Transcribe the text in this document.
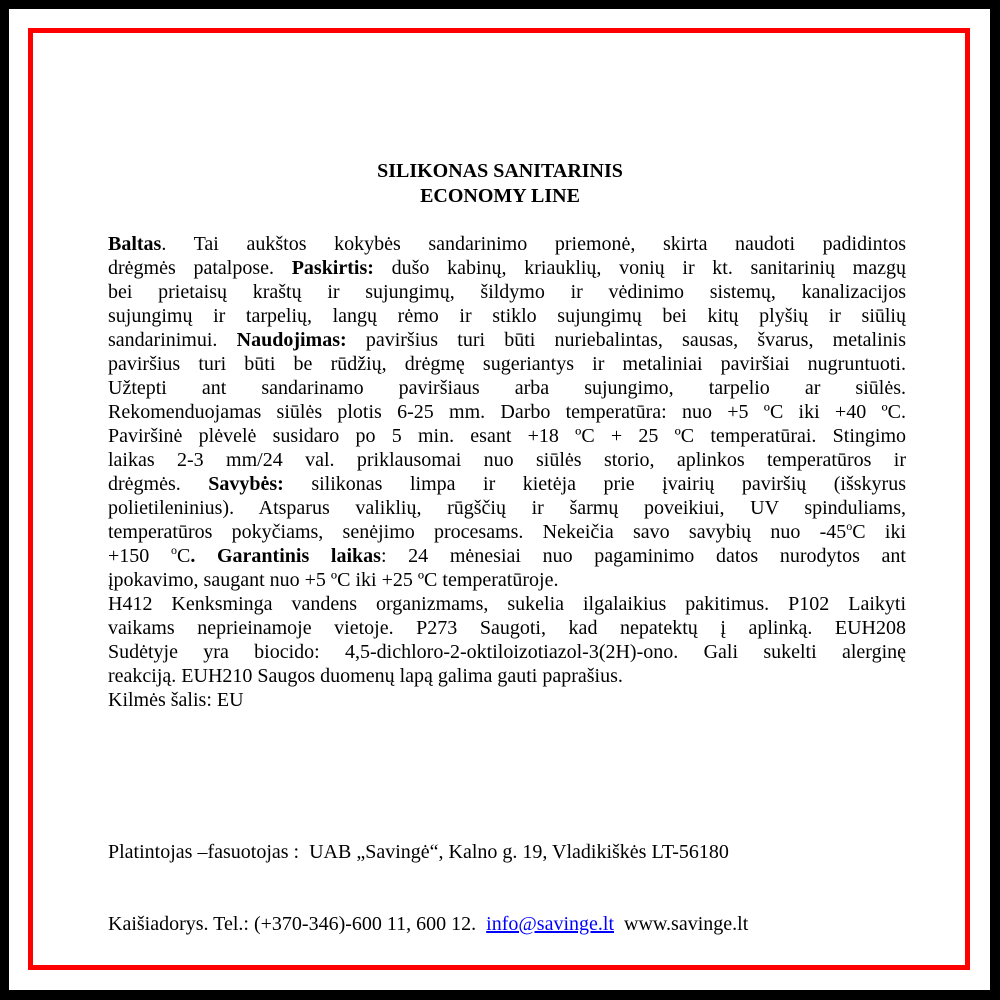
SILIKONAS SANITARINIS
ECONOMY LINE
Baltas. Tai aukštos kokybės sandarinimo priemonė, skirta naudoti padidintos
drėgmės patalpose. Paskirtis: dušo kabinų, kriauklių, vonių ir kt. sanitarinių mazgų
bei prietaisų kraštų ir sujungimų, šildymo ir vėdinimo sistemų, kanalizacijos
sujungimų ir tarpelių, langų rėmo ir stiklo sujungimų bei kitų plyšių ir siūlių
sandarinimui. Naudojimas: paviršius turi būti nuriebalintas, sausas, švarus, metalinis
paviršius turi būti be rūdžių, drėgmę sugeriantys ir metaliniai paviršiai nugruntuoti.
Užtepti ant sandarinamo paviršiaus arba sujungimo, tarpelio ar siūlės.
Rekomenduojamas siūlės plotis 6-25 mm. Darbo temperatūra: nuo +5 ºC iki +40 ºC.
Paviršinė plėvelė susidaro po 5 min. esant +18 ºC + 25 ºC temperatūrai. Stingimo
laikas 2-3 mm/24 val. priklausomai nuo siūlės storio, aplinkos temperatūros ir
drėgmės. Savybės: silikonas limpa ir kietėja prie įvairių paviršių (išskyrus
polietileninius). Atsparus valiklių, rūgščių ir šarmų poveikiui, UV spinduliams,
temperatūros pokyčiams, senėjimo procesams. Nekeičia savo savybių nuo -45$^o$C iki
+150 $^o$C. Garantinis laikas: 24 mėnesiai nuo pagaminimo datos nurodytos ant
įpokavimo, saugant nuo +5 ºC iki +25 ºC temperatūroje.
H412 Kenksminga vandens organizmams, sukelia ilgalaikius pakitimus. P102 Laikyti
vaikams neprieinamoje vietoje. P273 Saugoti, kad nepatektų į aplinką. EUH208
Sudėtyje yra biocido: 4,5-dichloro-2-oktiloizotiazol-3(2H)-ono. Gali sukelti alerginę
reakciją. EUH210 Saugos duomenų lapą galima gauti paprašius.
Kilmės šalis: EU

Platintojas –fasuotojas :  UAB „Savingė“, Kalno g. 19, Vladikiškės LT-56180

Kaišiadorys. Tel.: (+370-346)-600 11, 600 12.  info@savinge.lt  www.savinge.lt
